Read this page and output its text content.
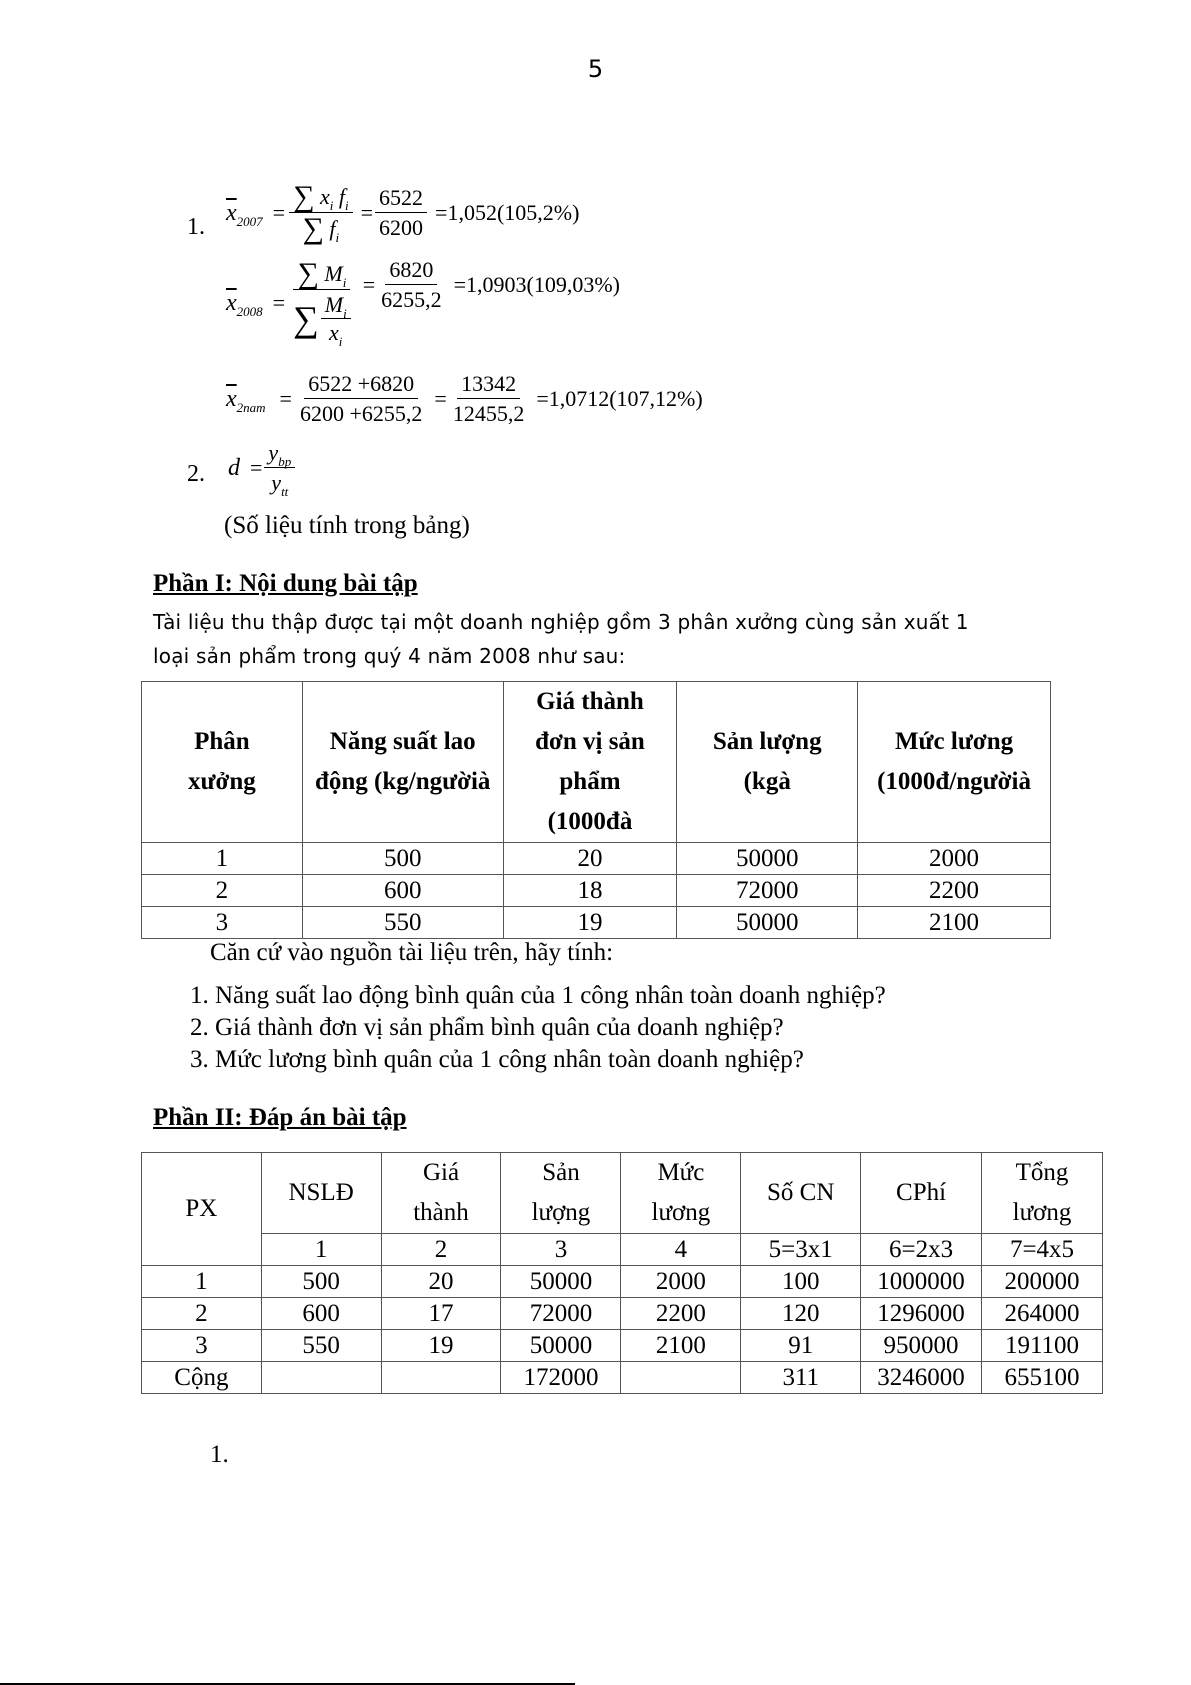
5
1.
$\overline{x}_{2007} = \frac{\sum x_i f_i}{\sum f_i} = \frac{6522}{6200} =1,052(105,2\%)$
$\overline{x}_{2008} = \frac{\sum M_i}{\sum \frac{M_i}{x_i}} = \frac{6820}{6255,2} =1,0903(109,03\%)$
$\overline{x}_{2nam} = \frac{6522 +6820}{6200 +6255,2} = \frac{13342}{12455,2} =1,0712(107,12\%)$
2. $d = \frac{y_{bp}}{y_{tt}}$
(Số liệu tính trong bảng)
Phần I: Nội dung bài tập
Tài liệu thu thập được tại một doanh nghiệp gồm 3 phân xưởng cùng sản xuất 1
loại sản phẩm trong quý 4 năm 2008 như sau:
Phân xưởng	Năng suất lao động (kg/ngườià	Giá thành đơn vị sản phẩm (1000đà	Sản lượng (kgà	Mức lương (1000đ/ngườià
1	500	20	50000	2000
2	600	18	72000	2200
3	550	19	50000	2100
Căn cứ vào nguồn tài liệu trên, hãy tính:
1. Năng suất lao động bình quân của 1 công nhân toàn doanh nghiệp?
2. Giá thành đơn vị sản phẩm bình quân của doanh nghiệp?
3. Mức lương bình quân của 1 công nhân toàn doanh nghiệp?
Phần II: Đáp án bài tập
PX	NSLĐ	Giá thành	Sản lượng	Mức lương	Số CN	CPhí	Tổng lương
	1	2	3	4	5=3x1	6=2x3	7=4x5
1	500	20	50000	2000	100	1000000	200000
2	600	17	72000	2200	120	1296000	264000
3	550	19	50000	2100	91	950000	191100
Cộng			172000		311	3246000	655100
1.
